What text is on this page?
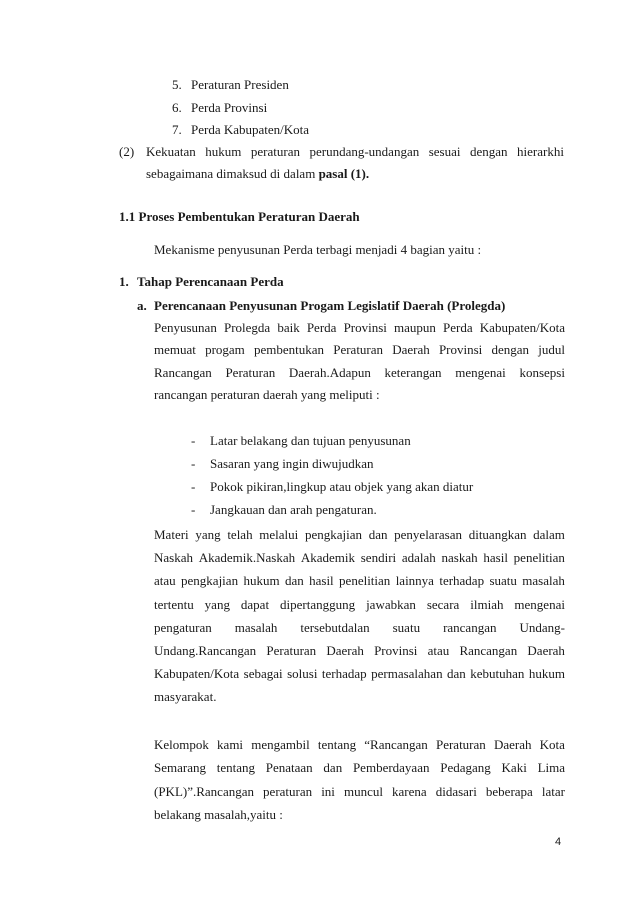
5. Peraturan Presiden
6. Perda Provinsi
7. Perda Kabupaten/Kota
(2) Kekuatan hukum peraturan perundang-undangan sesuai dengan hierarkhi
sebagaimana dimaksud di dalam pasal (1).
1.1 Proses Pembentukan Peraturan Daerah
Mekanisme penyusunan Perda terbagi menjadi 4 bagian yaitu :
1. Tahap Perencanaan Perda
a. Perencanaan Penyusunan Progam Legislatif Daerah (Prolegda)
Penyusunan Prolegda baik Perda Provinsi maupun Perda Kabupaten/Kota
memuat progam pembentukan Peraturan Daerah Provinsi dengan judul
Rancangan Peraturan Daerah.Adapun keterangan mengenai konsepsi
rancangan peraturan daerah yang meliputi :
- Latar belakang dan tujuan penyusunan
- Sasaran yang ingin diwujudkan
- Pokok pikiran,lingkup atau objek yang akan diatur
- Jangkauan dan arah pengaturan.
Materi yang telah melalui pengkajian dan penyelarasan dituangkan dalam
Naskah Akademik.Naskah Akademik sendiri adalah naskah hasil penelitian
atau pengkajian hukum dan hasil penelitian lainnya terhadap suatu masalah
tertentu yang dapat dipertanggung jawabkan secara ilmiah mengenai
pengaturan masalah tersebutdalan suatu rancangan Undang-
Undang.Rancangan Peraturan Daerah Provinsi atau Rancangan Daerah
Kabupaten/Kota sebagai solusi terhadap permasalahan dan kebutuhan hukum
masyarakat.
Kelompok kami mengambil tentang “Rancangan Peraturan Daerah Kota
Semarang tentang Penataan dan Pemberdayaan Pedagang Kaki Lima
(PKL)”.Rancangan peraturan ini muncul karena didasari beberapa latar
belakang masalah,yaitu :
4
